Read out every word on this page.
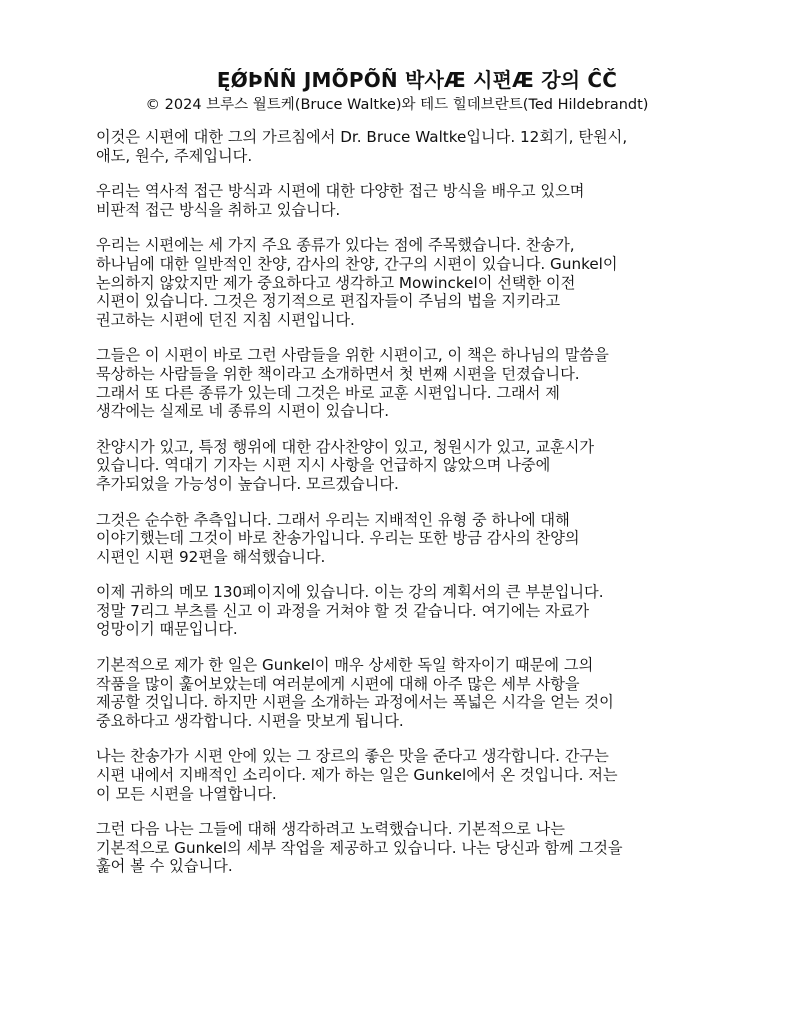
ĘǾÞŃÑ JMÕPÕÑ 박사Æ 시편Æ 강의 ĈČ
© 2024 브루스 월트케(Bruce Waltke)와 테드 힐데브란트(Ted Hildebrandt)

이것은 시편에 대한 그의 가르침에서 Dr. Bruce Waltke입니다. 12회기, 탄원시,
애도, 원수, 주제입니다.

우리는 역사적 접근 방식과 시편에 대한 다양한 접근 방식을 배우고 있으며
비판적 접근 방식을 취하고 있습니다.

우리는 시편에는 세 가지 주요 종류가 있다는 점에 주목했습니다. 찬송가,
하나님에 대한 일반적인 찬양, 감사의 찬양, 간구의 시편이 있습니다. Gunkel이
논의하지 않았지만 제가 중요하다고 생각하고 Mowinckel이 선택한 이전
시편이 있습니다. 그것은 정기적으로 편집자들이 주님의 법을 지키라고
권고하는 시편에 던진 지침 시편입니다.

그들은 이 시편이 바로 그런 사람들을 위한 시편이고, 이 책은 하나님의 말씀을
묵상하는 사람들을 위한 책이라고 소개하면서 첫 번째 시편을 던졌습니다.
그래서 또 다른 종류가 있는데 그것은 바로 교훈 시편입니다. 그래서 제
생각에는 실제로 네 종류의 시편이 있습니다.

찬양시가 있고, 특정 행위에 대한 감사찬양이 있고, 청원시가 있고, 교훈시가
있습니다. 역대기 기자는 시편 지시 사항을 언급하지 않았으며 나중에
추가되었을 가능성이 높습니다. 모르겠습니다.

그것은 순수한 추측입니다. 그래서 우리는 지배적인 유형 중 하나에 대해
이야기했는데 그것이 바로 찬송가입니다. 우리는 또한 방금 감사의 찬양의
시편인 시편 92편을 해석했습니다.

이제 귀하의 메모 130페이지에 있습니다. 이는 강의 계획서의 큰 부분입니다.
정말 7리그 부츠를 신고 이 과정을 거쳐야 할 것 같습니다. 여기에는 자료가
엉망이기 때문입니다.

기본적으로 제가 한 일은 Gunkel이 매우 상세한 독일 학자이기 때문에 그의
작품을 많이 훑어보았는데 여러분에게 시편에 대해 아주 많은 세부 사항을
제공할 것입니다. 하지만 시편을 소개하는 과정에서는 폭넓은 시각을 얻는 것이
중요하다고 생각합니다. 시편을 맛보게 됩니다.

나는 찬송가가 시편 안에 있는 그 장르의 좋은 맛을 준다고 생각합니다. 간구는
시편 내에서 지배적인 소리이다. 제가 하는 일은 Gunkel에서 온 것입니다. 저는
이 모든 시편을 나열합니다.

그런 다음 나는 그들에 대해 생각하려고 노력했습니다. 기본적으로 나는
기본적으로 Gunkel의 세부 작업을 제공하고 있습니다. 나는 당신과 함께 그것을
훑어 볼 수 있습니다.
